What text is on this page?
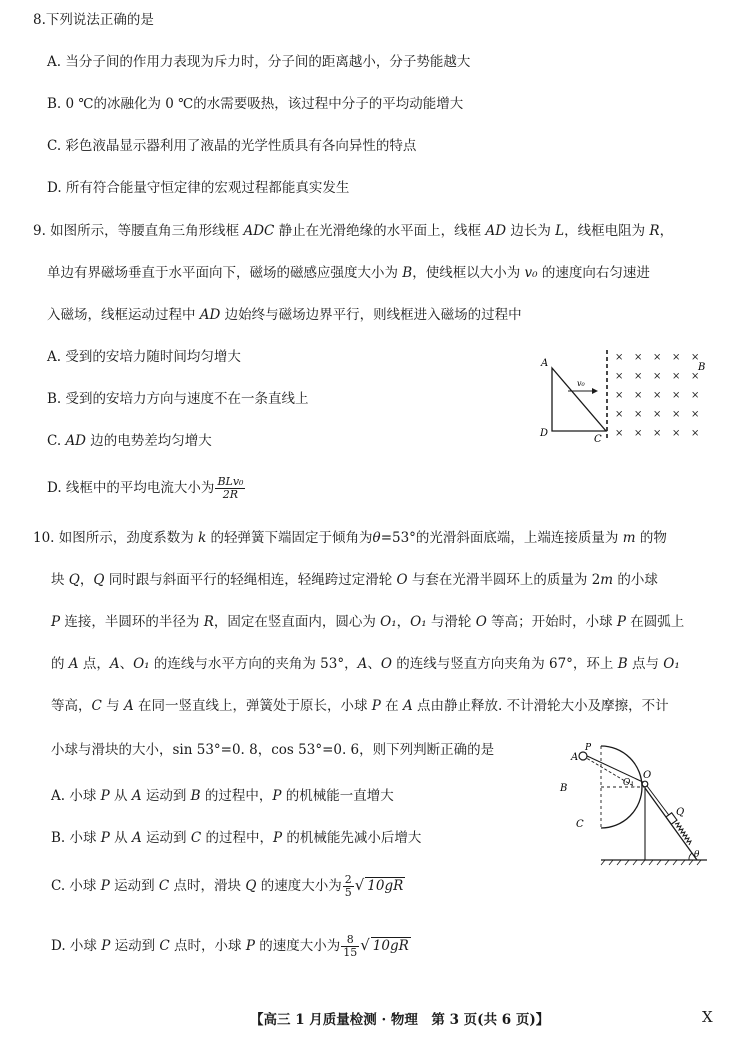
8.下列说法正确的是
A. 当分子间的作用力表现为斥力时，分子间的距离越小，分子势能越大
B. 0 ℃的冰融化为 0 ℃的水需要吸热，该过程中分子的平均动能增大
C. 彩色液晶显示器利用了液晶的光学性质具有各向异性的特点
D. 所有符合能量守恒定律的宏观过程都能真实发生
9. 如图所示，等腰直角三角形线框 ADC 静止在光滑绝缘的水平面上，线框 AD 边长为 L，线框电阻为 R，
单边有界磁场垂直于水平面向下，磁场的磁感应强度大小为 B，使线框以大小为 v₀ 的速度向右匀速进
入磁场，线框运动过程中 AD 边始终与磁场边界平行，则线框进入磁场的过程中
A. 受到的安培力随时间均匀增大
B. 受到的安培力方向与速度不在一条直线上
C. AD 边的电势差均匀增大
D. 线框中的平均电流大小为 $\frac{\text{BLv₀}}{2R}$
v₀
A
D
C
B
× × × × ×
× × × × ×
× × × × ×
× × × × ×
× × × × ×
10. 如图所示，劲度系数为 k 的轻弹簧下端固定于倾角为θ=53°的光滑斜面底端，上端连接质量为 m 的物
块 Q，Q 同时跟与斜面平行的轻绳相连，轻绳跨过定滑轮 O 与套在光滑半圆环上的质量为 2m 的小球
P 连接，半圆环的半径为 R，固定在竖直面内，圆心为 O₁，O₁ 与滑轮 O 等高；开始时，小球 P 在圆弧上
的 A 点，A、O₁ 的连线与水平方向的夹角为 53°，A、O 的连线与竖直方向夹角为 67°，环上 B 点与 O₁
等高，C 与 A 在同一竖直线上，弹簧处于原长，小球 P 在 A 点由静止释放. 不计滑轮大小及摩擦，不计
小球与滑块的大小，sin 53°=0. 8，cos 53°=0. 6，则下列判断正确的是
A. 小球 P 从 A 运动到 B 的过程中，P 的机械能一直增大
B. 小球 P 从 A 运动到 C 的过程中，P 的机械能先减小后增大
C. 小球 P 运动到 C 点时，滑块 Q 的速度大小为 $\frac{2}{5}$ √ 10gR
D. 小球 P 运动到 C 点时，小球 P 的速度大小为 $\frac{8}{15}$ √ 10gR
A
P
B
C
O₁
O
Q
θ
【高三 1 月质量检测 · 物理　第 3 页(共 6 页)】	X
